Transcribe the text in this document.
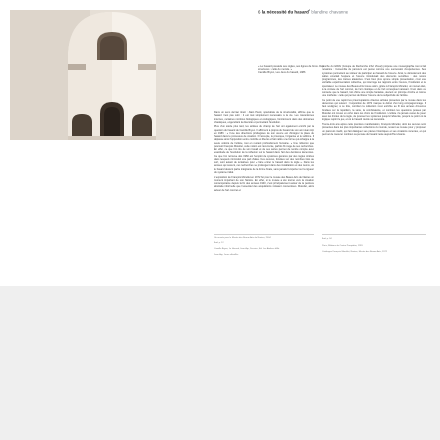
6 la nécessité du hasard$^1$ blandine chavanne
« Le hasard possède ses règles, ses lignes de force. Des structures : celle du monde. »
Camille Bryen, Les Jeux du hasard, 1986

Dans un sens dernier tirant : Alain Pieck, spécialiste de la structuralité, affirme que le hasard n'est pas subi : il est tout simplement nécessaire à la vie. Les mécanismes internes, certaines nombres biologiques et écologiques, fonctionnent dans des domaines chaotiques, engendrant la diversité et permettant l'évolution.

Plus d'un siècle plus tard, les artistes du champ de l'art ont également enrichi par la question du hasard de Camille Bryen. Il affirment à propos du hasard de son ami Jean Arp en 1986 : « l'une des directions privilégiées de son œuvre est d'intégrer la place du hasard dans le processus de création. Il l'accepte, le provoque, l'organise et le sublime. Il dépasse ainsi l'opposition entre contrôle et liberté et fait naître une forme qui échappe à la seule volonté de l'artiste, tout en restant profondément humaine. » Une réflexion que poursuit François Morellet, cette notion est récurrente, parfois fil rouge de ses recherches. En effet, ce que l'on tire de son travail et de ses séries permet de rendre compte avec exactitude de l'évolution de la réflexion sur le hasard dans l'art des dernières décennies. Ce que l'on retrouve dès 1960 est l'emploi de systèmes générés par des règles strictes dans lesquels s'introduit une part d'aléa. Ces œuvres, fondées sur des nombres tirés au sort, sont autant de tentatives pour « faire entrer le hasard dans la règle ». Dans les années qui suivent, ces recherches se prolongent dans des installations et des néons, où le hasard devient partie intégrante de la forme finale, sans jamais l'emporter sur la rigueur du système initial.

L'exposition de François Morellet en 1972 fut pour le musée des Beaux-Arts de Nantes un moment important de son histoire. En effet, si le musée a été tourné vers la création contemporaine depuis la fin des années 1940, c'est principalement autour de la peinture abstraite informelle que l'essentiel des acquisitions s'étaient concentrées. Morellet, alors acteur de l'art concret et

proche du GRAV (Groupe de Recherche d'Art Visuel) propose une muséographie tout à fait novatrice : l'ensemble du parcours est pensé comme une succession d'expériences. Ses systèmes permettent au visiteur de participer au hasard de l'œuvre. Ainsi, le déroulement des salles émettait l'espace et l'œuvre introduisait des éléments sensibles : des néons programmés, des trames aléatoires. C'est bien plus qu'une simple présentation, c'est une véritable expérimentation collective, qui interroge les rapports entre l'œuvre, l'institution et le spectateur. Le musée des Beaux-Arts trouve alors, grâce à François Morellet, un nouvel élan, à la croisée de l'art concret, de l'art cinétique et de l'art conceptuel naissant. C'est dans ce contexte que le hasard, loin d'être une simple fantaisie, devient un principe d'ordre et même une méthode : celle qui permet de libérer l'œuvre de la subjectivité de l'artiste.

Ce point de vue rejoint les préoccupations d'autres artistes présentés par le musée dans les décennies qui suivent : l'exposition de 1972 marque le début d'un long compagnonnage. Il faut souligner, à ce titre, combien la collection s'est enrichie au fil des années d'œuvres fondées sur la répétition, la série, la combinatoire, et combien les questions posées par Morellet ont trouvé un écho dans les choix de l'institution. L'artiste n'a jamais cessé de jouer avec les limites de la règle, de pousser les systèmes jusqu'à l'absurde, jusqu'à ce point où la logique rejoint le jeu, et où le hasard révèle sa nécessité.

Trente-trois ans après cette première manifestation, François Morellet, dont les œuvres sont présentes dans les plus importantes collections du monde, revient au musée pour y proposer un parcours inédit, qui fait dialoguer ses pièces historiques et ses créations récentes, et qui permet de mesurer combien sa pensée du hasard reste aujourd'hui vivante.

Un musée pour le Musée des Beaux-Arts de Nantes, 2004
Ibid. p. 12
Camille Bryen, Le Hasard, Jean Arp, Dessins, Ed. Les Ateliers d'Art
Jean Arp, Jours effeuillés
Ibid. p. 34
Paris, Éditions du Centre Pompidou, 1991
Catalogue François Morellet, Nantes, Musée des Beaux-Arts, 1972
